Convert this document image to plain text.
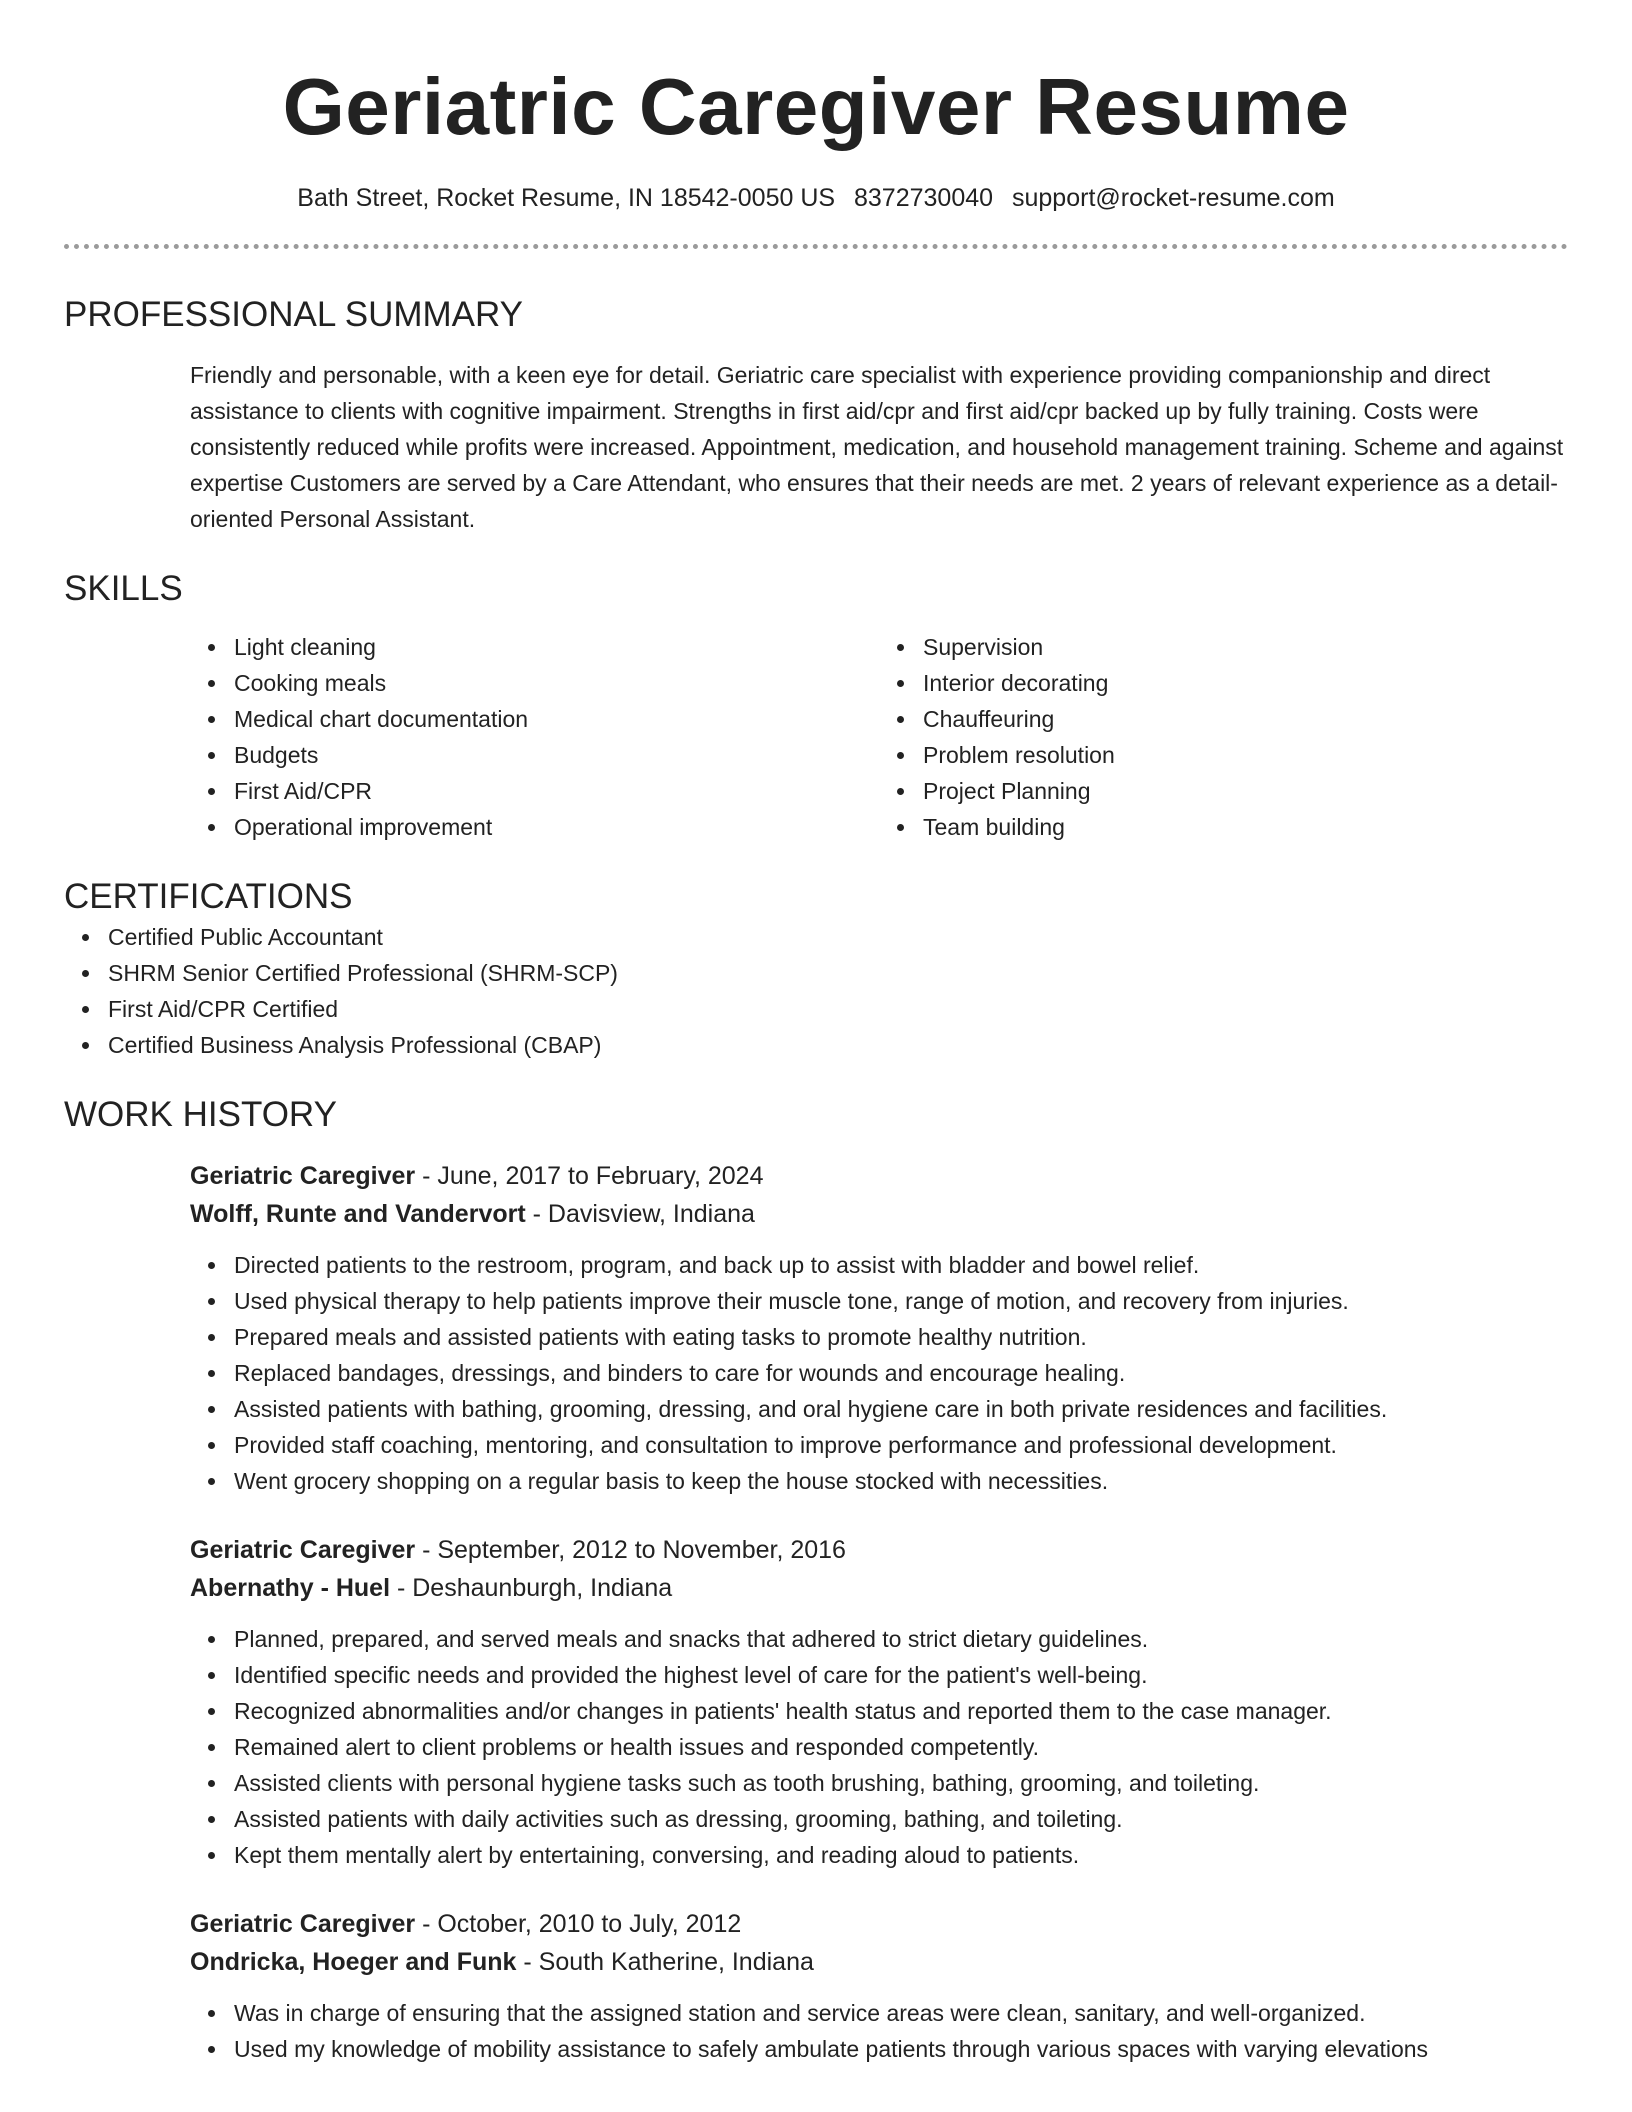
Geriatric Caregiver Resume
Bath Street, Rocket Resume, IN 18542-0050 US 8372730040 support@rocket-resume.com
PROFESSIONAL SUMMARY

Friendly and personable, with a keen eye for detail. Geriatric care specialist with experience providing companionship and direct assistance to clients with cognitive impairment. Strengths in first aid/cpr and first aid/cpr backed up by fully training. Costs were consistently reduced while profits were increased. Appointment, medication, and household management training. Scheme and against expertise Customers are served by a Care Attendant, who ensures that their needs are met. 2 years of relevant experience as a detail-oriented Personal Assistant.

SKILLS
Light cleaning
Cooking meals
Medical chart documentation
Budgets
First Aid/CPR
Operational improvement
Supervision
Interior decorating
Chauffeuring
Problem resolution
Project Planning
Team building
CERTIFICATIONS
Certified Public Accountant
SHRM Senior Certified Professional (SHRM-SCP)
First Aid/CPR Certified
Certified Business Analysis Professional (CBAP)
WORK HISTORY
Geriatric Caregiver - June, 2017 to February, 2024
Wolff, Runte and Vandervort - Davisview, Indiana
Directed patients to the restroom, program, and back up to assist with bladder and bowel relief.
Used physical therapy to help patients improve their muscle tone, range of motion, and recovery from injuries.
Prepared meals and assisted patients with eating tasks to promote healthy nutrition.
Replaced bandages, dressings, and binders to care for wounds and encourage healing.
Assisted patients with bathing, grooming, dressing, and oral hygiene care in both private residences and facilities.
Provided staff coaching, mentoring, and consultation to improve performance and professional development.
Went grocery shopping on a regular basis to keep the house stocked with necessities.
Geriatric Caregiver - September, 2012 to November, 2016
Abernathy - Huel - Deshaunburgh, Indiana
Planned, prepared, and served meals and snacks that adhered to strict dietary guidelines.
Identified specific needs and provided the highest level of care for the patient's well-being.
Recognized abnormalities and/or changes in patients' health status and reported them to the case manager.
Remained alert to client problems or health issues and responded competently.
Assisted clients with personal hygiene tasks such as tooth brushing, bathing, grooming, and toileting.
Assisted patients with daily activities such as dressing, grooming, bathing, and toileting.
Kept them mentally alert by entertaining, conversing, and reading aloud to patients.
Geriatric Caregiver - October, 2010 to July, 2012
Ondricka, Hoeger and Funk - South Katherine, Indiana
Was in charge of ensuring that the assigned station and service areas were clean, sanitary, and well-organized.
Used my knowledge of mobility assistance to safely ambulate patients through various spaces with varying elevations
